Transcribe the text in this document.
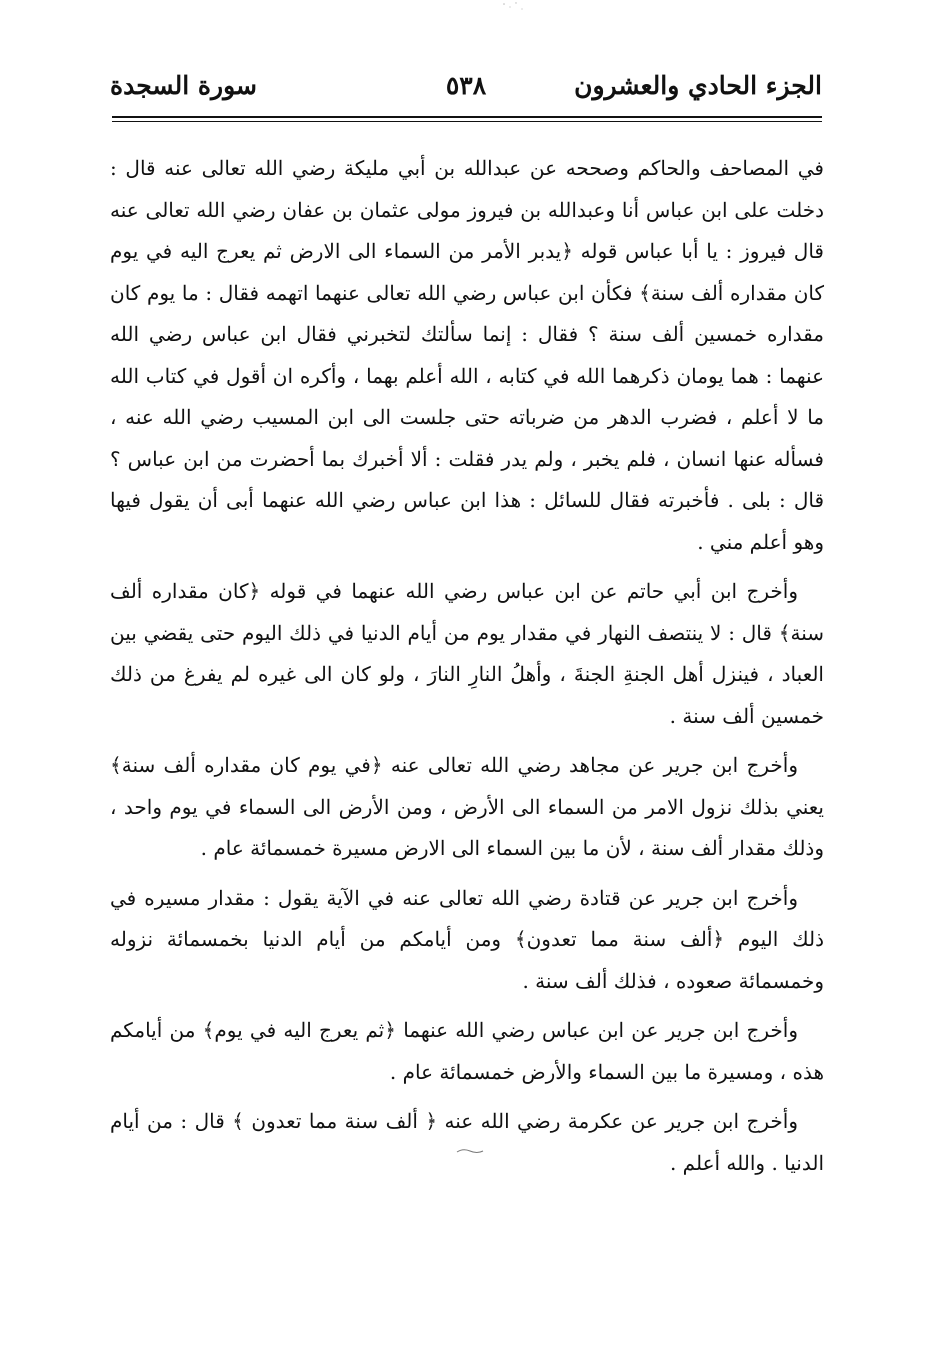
الجزء الحادي والعشرون
٥٣٨
سورة السجدة

في المصاحف والحاكم وصححه عن عبدالله بن أبي مليكة رضي الله تعالى عنه قال : دخلت على ابن عباس أنا وعبدالله بن فيروز مولى عثمان بن عفان رضي الله تعالى عنه قال فيروز : يا أبا عباس قوله ﴿يدبر الأمر من السماء الى الارض ثم يعرج اليه في يوم كان مقداره ألف سنة﴾ فكأن ابن عباس رضي الله تعالى عنهما اتهمه فقال : ما يوم كان مقداره خمسين ألف سنة ؟ فقال : إنما سألتك لتخبرني فقال ابن عباس رضي الله عنهما : هما يومان ذكرهما الله في كتابه ، الله أعلم بهما ، وأكره ان أقول في كتاب الله ما لا أعلم ، فضرب الدهر من ضرباته حتى جلست الى ابن المسيب رضي الله عنه ، فسأله عنها انسان ، فلم يخبر ، ولم يدر فقلت : ألا أخبرك بما أحضرت من ابن عباس ؟ قال : بلى . فأخبرته فقال للسائل : هذا ابن عباس رضي الله عنهما أبى أن يقول فيها وهو أعلم مني .

وأخرج ابن أبي حاتم عن ابن عباس رضي الله عنهما في قوله ﴿كان مقداره ألف سنة﴾ قال : لا ينتصف النهار في مقدار يوم من أيام الدنيا في ذلك اليوم حتى يقضي بين العباد ، فينزل أهل الجنةِ الجنةَ ، وأهلُ النارِ النارَ ، ولو كان الى غيره لم يفرغ من ذلك خمسين ألف سنة .

وأخرج ابن جرير عن مجاهد رضي الله تعالى عنه ﴿في يوم كان مقداره ألف سنة﴾ يعني بذلك نزول الامر من السماء الى الأرض ، ومن الأرض الى السماء في يوم واحد ، وذلك مقدار ألف سنة ، لأن ما بين السماء الى الارض مسيرة خمسمائة عام .

وأخرج ابن جرير عن قتادة رضي الله تعالى عنه في الآية يقول : مقدار مسيره في ذلك اليوم ﴿ألف سنة مما تعدون﴾ ومن أيامكم من أيام الدنيا بخمسمائة نزوله وخمسمائة صعوده ، فذلك ألف سنة .

وأخرج ابن جرير عن ابن عباس رضي الله عنهما ﴿ثم يعرج اليه في يوم﴾ من أيامكم هذه ، ومسيرة ما بين السماء والأرض خمسمائة عام .

وأخرج ابن جرير عن عكرمة رضي الله عنه ﴿ ألف سنة مما تعدون ﴾ قال : من أيام الدنيا . والله أعلم .
